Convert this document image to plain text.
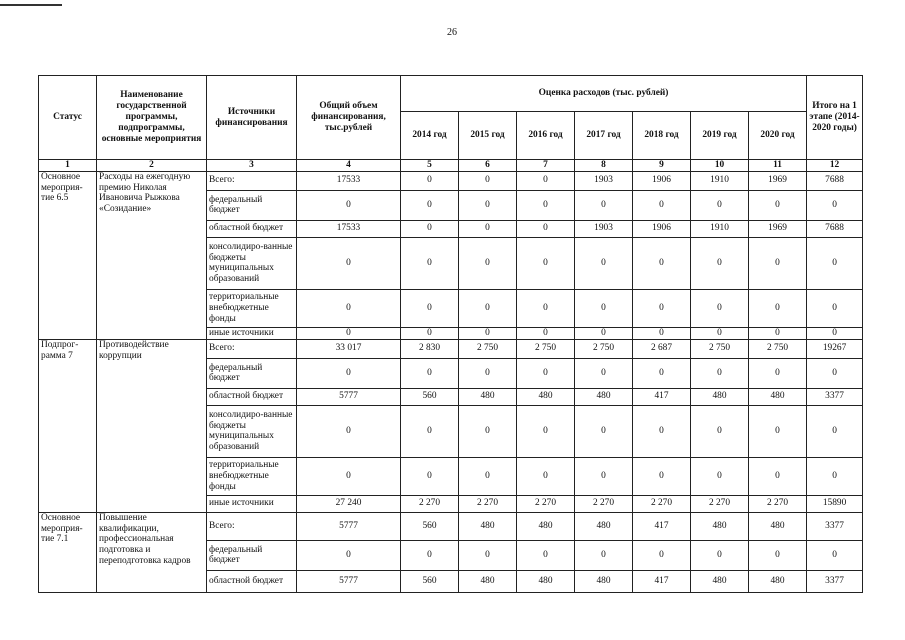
26
Статус	Наименование государственной программы, подпрограммы, основные мероприятия	Источники финансирования	Общий объем финансирования, тыс.рублей	Оценка расходов (тыс. рублей)							Итого на 1 этапе (2014-2020 годы)
				2014 год	2015 год	2016 год	2017 год	2018 год	2019 год	2020 год	
1	2	3	4	5	6	7	8	9	10	11	12
Основное мероприя-тие 6.5	Расходы на ежегодную премию Николая Ивановича Рыжкова «Созидание»	Всего:	17533	0	0	0	1903	1906	1910	1969	7688
		федеральный бюджет	0	0	0	0	0	0	0	0	0
		областной бюджет	17533	0	0	0	1903	1906	1910	1969	7688
		консолидиро-ванные бюджеты муниципальных образований	0	0	0	0	0	0	0	0	0
		территориальные внебюджетные фонды	0	0	0	0	0	0	0	0	0
		иные источники	0	0	0	0	0	0	0	0	0
Подпрог-рамма 7	Противодействие коррупции	Всего:	33 017	2 830	2 750	2 750	2 750	2 687	2 750	2 750	19267
		федеральный бюджет	0	0	0	0	0	0	0	0	0
		областной бюджет	5777	560	480	480	480	417	480	480	3377
		консолидиро-ванные бюджеты муниципальных образований	0	0	0	0	0	0	0	0	0
		территориальные внебюджетные фонды	0	0	0	0	0	0	0	0	0
		иные источники	27 240	2 270	2 270	2 270	2 270	2 270	2 270	2 270	15890
Основное мероприя-тие 7.1	Повышение квалификации, профессиональная подготовка и переподготовка кадров	Всего:	5777	560	480	480	480	417	480	480	3377
		федеральный бюджет	0	0	0	0	0	0	0	0	0
		областной бюджет	5777	560	480	480	480	417	480	480	3377
